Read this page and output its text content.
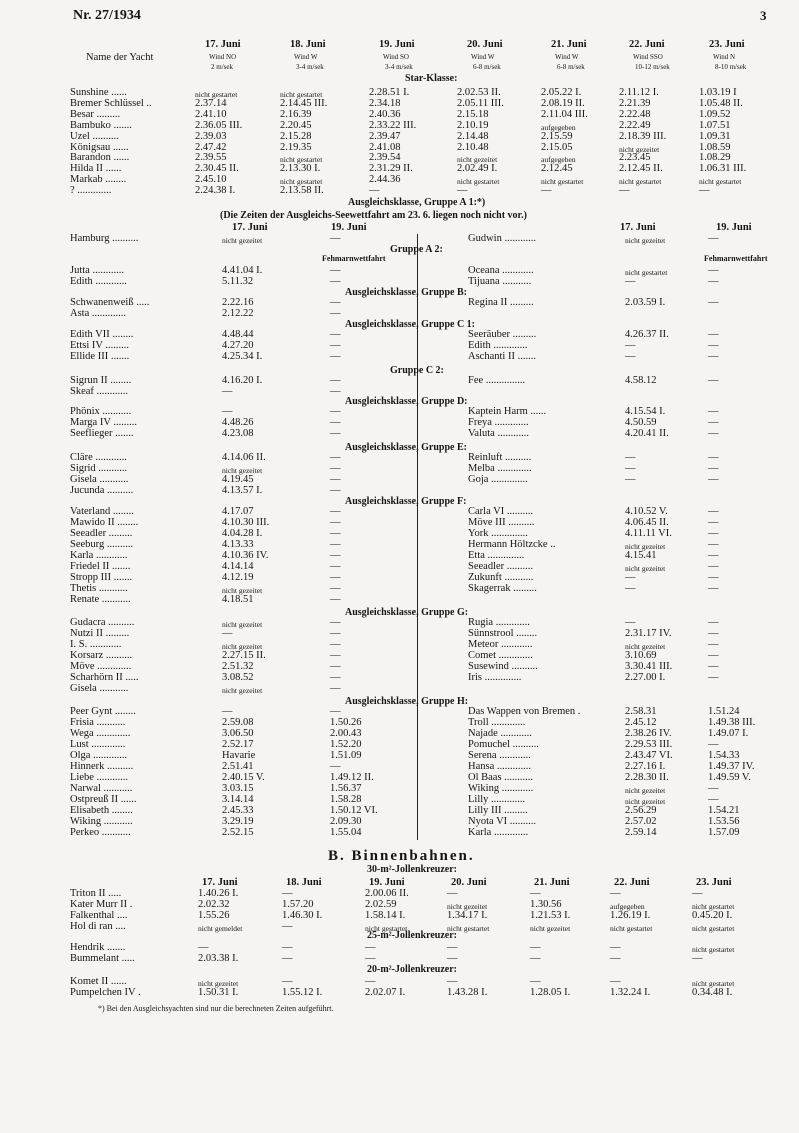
Nr. 27/1934	3
Name der Yacht
17. Juni
Wind NO
2 m/sek
18. Juni
Wind W
3-4 m/sek
19. Juni
Wind SO
3-4 m/sek
20. Juni
Wind W
6-8 m/sek
21. Juni
Wind W
6-8 m/sek
22. Juni
Wind SSO
10-12 m/sek
23. Juni
Wind N
8-10 m/sek
Star-Klasse:
Sunshine ......	nicht gestartet	nicht gestartet	2.28.51 I.	2.02.53 II.	2.05.22 I.	2.11.12 I.	1.03.19 I
Bremer Schlüssel ..	2.37.14	2.14.45 III.	2.34.18	2.05.11 III.	2.08.19 II.	2.21.39	1.05.48 II.
Besar .........	2.41.10	2.16.39	2.40.36	2.15.18	2.11.04 III.	2.22.48	1.09.52
Bambuko .......	2.36.05 III.	2.20.45	2.33.22 III.	2.10.19	aufgegeben	2.22.49	1.07.51
Uzel ..........	2.39.03	2.15.28	2.39.47	2.14.48	2.15.59	2.18.39 III.	1.09.31
Königsau ......	2.47.42	2.19.35	2.41.08	2.10.48	2.15.05	nicht gezeitet	1.08.59
Barandon ......	2.39.55	nicht gestartet	2.39.54	nicht gezeitet	aufgegeben	2.23.45	1.08.29
Hilda II ......	2.30.45 II.	2.13.30 I.	2.31.29 II.	2.02.49 I.	2.12.45	2.12.45 II.	1.06.31 III.
Markab ........	2.45.10	nicht gestartet	2.44.36	nicht gestartet	nicht gestartet	nicht gestartet	nicht gestartet
? .............	2.24.38 I.	2.13.58 II.	—	—	—	—	—
Ausgleichsklasse, Gruppe A 1:*)
(Die Zeiten der Ausgleichs-Seewettfahrt am 23. 6. liegen noch nicht vor.)
17. Juni	19. Juni	17. Juni	19. Juni
Hamburg ..........	nicht gezeitet	—
Jutta ............	4.41.04 I.	—
Edith ............	5.11.32	—
Schwanenweiß .....	2.22.16	—
Asta .............	2.12.22	—
Edith VII ........	4.48.44	—
Ettsi IV .........	4.27.20	—
Ellide III .......	4.25.34 I.	—
Sigrun II ........	4.16.20 I.	—
Skeaf ............	—	—
Phönix ...........	—	—
Marga IV .........	4.48.26	—
Seeflieger .......	4.23.08	—
Cläre ............	4.14.06 II.	—
Sigrid ...........	nicht gezeitet	—
Gisela ...........	4.19.45	—
Jucunda ..........	4.13.57 I.	—
Vaterland ........	4.17.07	—
Mawido II ........	4.10.30 III.	—
Seeadler .........	4.04.28 I.	—
Seeburg ..........	4.13.33	—
Karla ............	4.10.36 IV.	—
Friedel II .......	4.14.14	—
Stropp III .......	4.12.19	—
Thetis ...........	nicht gezeitet	—
Renate ...........	4.18.51	—
Gudacra ..........	nicht gezeitet	—
Nutzi II .........	—	—
I. S. ............	nicht gezeitet	—
Korsarz ..........	2.27.15 II.	—
Möve .............	2.51.32	—
Scharhörn II .....	3.08.52	—
Gisela ...........	nicht gezeitet	—
Peer Gynt ........	—	—
Frisia ...........	2.59.08	1.50.26
Wega .............	3.06.50	2.00.43
Lust .............	2.52.17	1.52.20
Olga .............	Havarie	1.51.09
Hinnerk ..........	2.51.41	—
Liebe ............	2.40.15 V.	1.49.12 II.
Narwal ...........	3.03.15	1.56.37
Ostpreuß II ......	3.14.14	1.58.28
Elisabeth ........	2.45.33	1.50.12 VI.
Wiking ...........	3.29.19	2.09.30
Perkeo ...........	2.52.15	1.55.04
Gudwin ............	nicht gezeitet	—
Oceana ............	nicht gestartet	—
Tijuana ...........	—	—
Regina II .........	2.03.59 I.	—
Seeräuber .........	4.26.37 II.	—
Edith .............	—	—
Aschanti II .......	—	—
Fee ...............	4.58.12	—
Kaptein Harm ......	4.15.54 I.	—
Freya .............	4.50.59	—
Valuta ............	4.20.41 II.	—
Reinluft ..........	—	—
Melba .............	—	—
Goja ..............	—	—
Carla VI ..........	4.10.52 V.	—
Möve III ..........	4.06.45 II.	—
York ..............	4.11.11 VI.	—
Hermann Höltzcke ..	nicht gezeitet	—
Etta ..............	4.15.41	—
Seeadler ..........	nicht gezeitet	—
Zukunft ...........	—	—
Skagerrak .........	—	—
Rugia .............	—	—
Sünnstrool ........	2.31.17 IV.	—
Meteor ............	nicht gezeitet	—
Comet .............	3.10.69	—
Susewind ..........	3.30.41 III.	—
Iris ..............	2.27.00 I.	—
Das Wappen von Bremen .	2.58.31	1.51.24
Troll .............	2.45.12	1.49.38 III.
Najade ............	2.38.26 IV.	1.49.07 I.
Pomuchel ..........	2.29.53 III.	—
Serena ............	2.43.47 VI.	1.54.33
Hansa .............	2.27.16 I.	1.49.37 IV.
Ol Baas ...........	2.28.30 II.	1.49.59 V.
Wiking ............	nicht gezeitet	—
Lilly .............	nicht gezeitet	—
Lilly III .........	2.56.29	1.54.21
Nyota VI ..........	2.57.02	1.53.56
Karla .............	2.59.14	1.57.09
Fehmarnwettfahrt	Fehmarnwettfahrt
Gruppe A 2:
Ausgleichsklasse, Gruppe B:
Ausgleichsklasse, Gruppe C 1:
Gruppe C 2:
Ausgleichsklasse, Gruppe D:
Ausgleichsklasse, Gruppe E:
Ausgleichsklasse, Gruppe F:
Ausgleichsklasse, Gruppe G:
Ausgleichsklasse, Gruppe H:
B. Binnenbahnen.
17. Juni	18. Juni	19. Juni	20. Juni	21. Juni	22. Juni	23. Juni
30-m²-Jollenkreuzer:
Triton II .....	1.40.26 I.	—	2.00.06 II.	—	—	—	—
Kater Murr II .	2.02.32	1.57.20	2.02.59	nicht gezeitet	1.30.56	aufgegeben	nicht gestartet
Falkenthal ....	1.55.26	1.46.30 I.	1.58.14 I.	1.34.17 I.	1.21.53 I.	1.26.19 I.	0.45.20 I.
Hol di ran ....	nicht gemeldet	—	nicht gestartet	nicht gestartet	nicht gezeitet	nicht gestartet	nicht gestartet
25-m²-Jollenkreuzer:
Hendrik .......	—	—	—	—	—	—	nicht gestartet
Bummelant .....	2.03.38 I.	—	—	—	—	—	—
20-m²-Jollenkreuzer:
Komet II ......	nicht gezeitet	—	—	—	—	—	nicht gestartet
Pumpelchen IV .	1.50.31 I.	1.55.12 I.	2.02.07 I.	1.43.28 I.	1.28.05 I.	1.32.24 I.	0.34.48 I.
*) Bei den Ausgleichsyachten sind nur die berechneten Zeiten aufgeführt.
